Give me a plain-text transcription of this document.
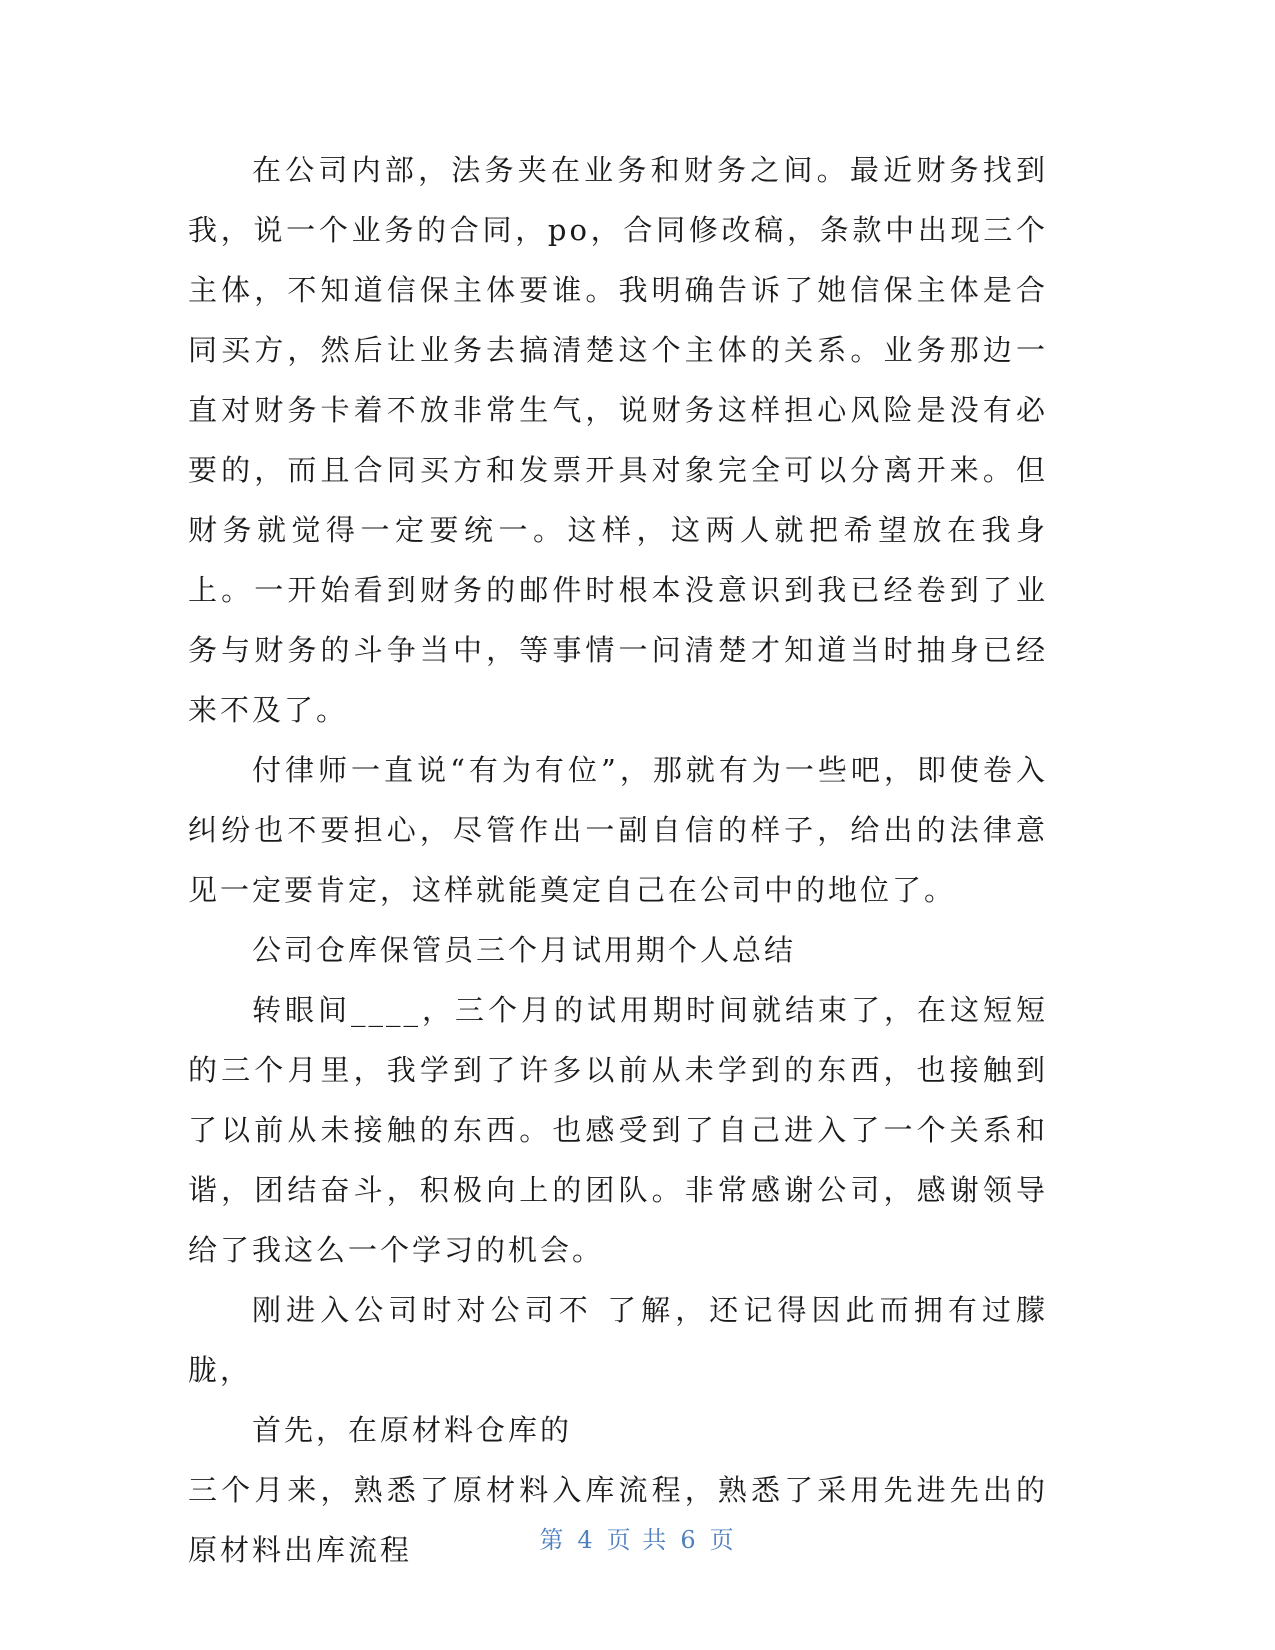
在公司内部，法务夹在业务和财务之间。最近财务找到我，说一个业务的合同，po，合同修改稿，条款中出现三个主体，不知道信保主体要谁。我明确告诉了她信保主体是合同买方，然后让业务去搞清楚这个主体的关系。业务那边一直对财务卡着不放非常生气，说财务这样担心风险是没有必要的，而且合同买方和发票开具对象完全可以分离开来。但财务就觉得一定要统一。这样，这两人就把希望放在我身上。一开始看到财务的邮件时根本没意识到我已经卷到了业务与财务的斗争当中，等事情一问清楚才知道当时抽身已经来不及了。

付律师一直说“有为有位”，那就有为一些吧，即使卷入纠纷也不要担心，尽管作出一副自信的样子，给出的法律意见一定要肯定，这样就能奠定自己在公司中的地位了。

公司仓库保管员三个月试用期个人总结

转眼间____，三个月的试用期时间就结束了，在这短短的三个月里，我学到了许多以前从未学到的东西，也接触到了以前从未接触的东西。也感受到了自己进入了一个关系和谐，团结奋斗，积极向上的团队。非常感谢公司，感谢领导给了我这么一个学习的机会。

刚进入公司时对公司不 了解，还记得因此而拥有过朦胧，

首先，在原材料仓库的

三个月来，熟悉了原材料入库流程，熟悉了采用先进先出的原材料出库流程	第 4 页 共 6 页
